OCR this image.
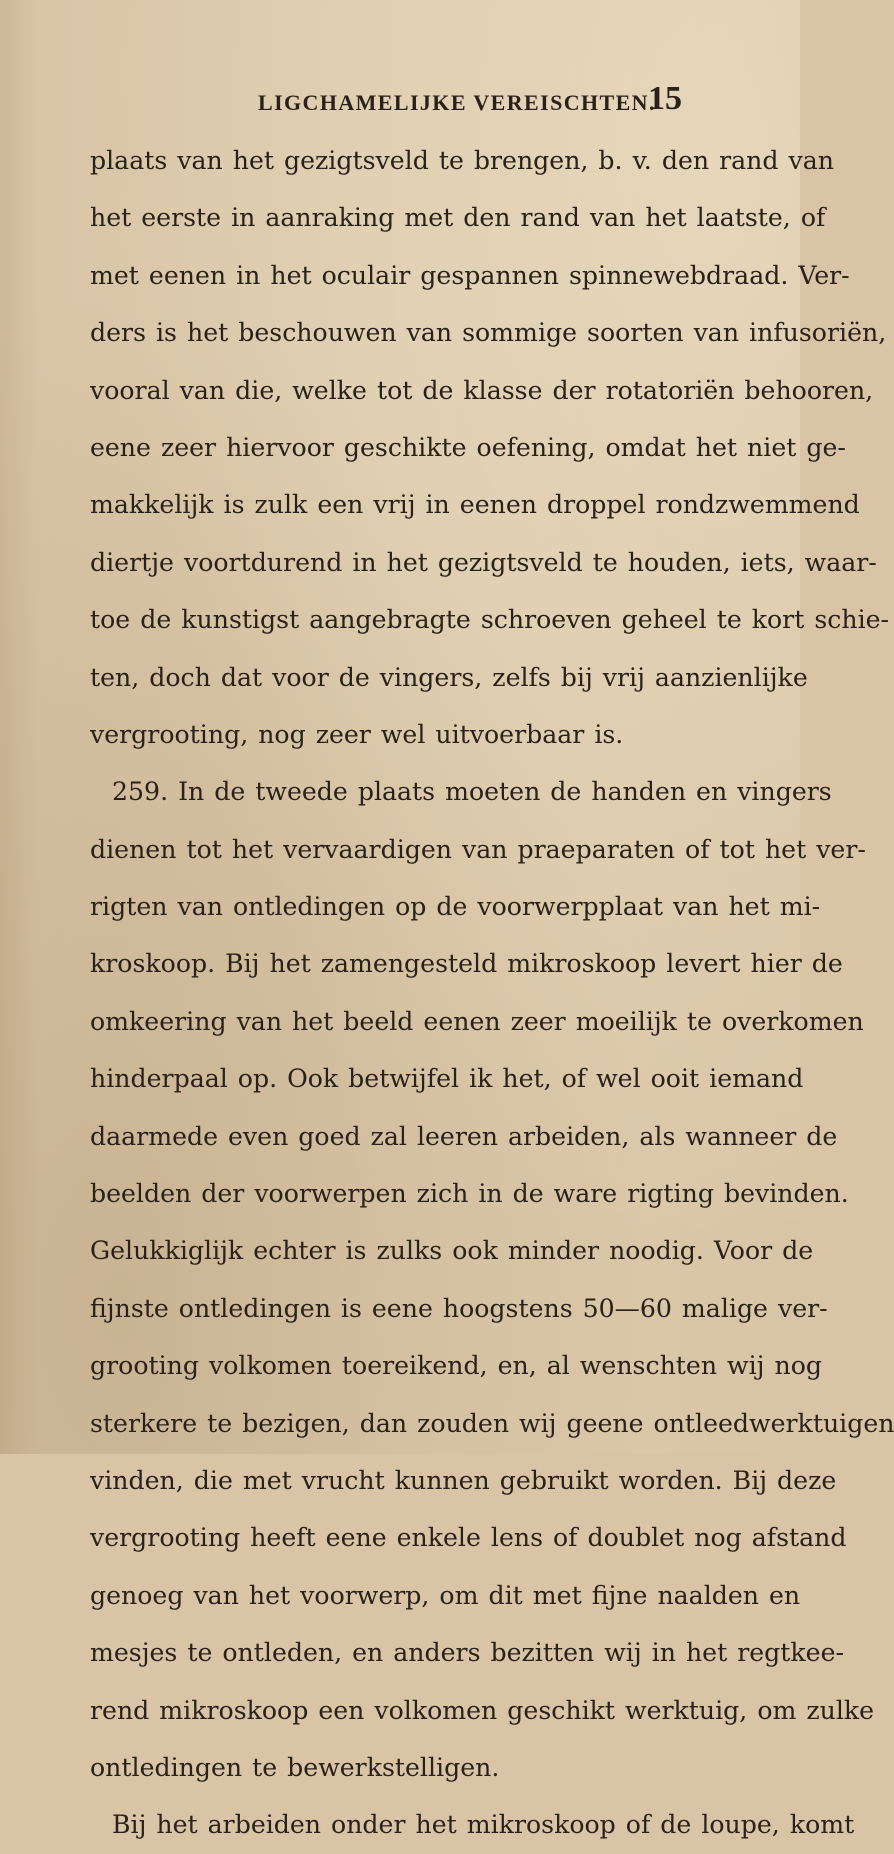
LIGCHAMELIJKE VEREISCHTEN.
15
plaats van het gezigtsveld te brengen, b. v. den rand van
het eerste in aanraking met den rand van het laatste, of
met eenen in het oculair gespannen spinnewebdraad. Ver-
ders is het beschouwen van sommige soorten van infusoriën,
vooral van die, welke tot de klasse der rotatoriën behooren,
eene zeer hiervoor geschikte oefening, omdat het niet ge-
makkelijk is zulk een vrij in eenen droppel rondzwemmend
diertje voortdurend in het gezigtsveld te houden, iets, waar-
toe de kunstigst aangebragte schroeven geheel te kort schie-
ten, doch dat voor de vingers, zelfs bij vrij aanzienlijke
vergrooting, nog zeer wel uitvoerbaar is.
259. In de tweede plaats moeten de handen en vingers
dienen tot het vervaardigen van praeparaten of tot het ver-
rigten van ontledingen op de voorwerpplaat van het mi-
kroskoop. Bij het zamengesteld mikroskoop levert hier de
omkeering van het beeld eenen zeer moeilijk te overkomen
hinderpaal op. Ook betwijfel ik het, of wel ooit iemand
daarmede even goed zal leeren arbeiden, als wanneer de
beelden der voorwerpen zich in de ware rigting bevinden.
Gelukkiglijk echter is zulks ook minder noodig. Voor de
fijnste ontledingen is eene hoogstens 50—60 malige ver-
grooting volkomen toereikend, en, al wenschten wij nog
sterkere te bezigen, dan zouden wij geene ontleedwerktuigen
vinden, die met vrucht kunnen gebruikt worden. Bij deze
vergrooting heeft eene enkele lens of doublet nog afstand
genoeg van het voorwerp, om dit met fijne naalden en
mesjes te ontleden, en anders bezitten wij in het regtkee-
rend mikroskoop een volkomen geschikt werktuig, om zulke
ontledingen te bewerkstelligen.
Bij het arbeiden onder het mikroskoop of de loupe, komt
